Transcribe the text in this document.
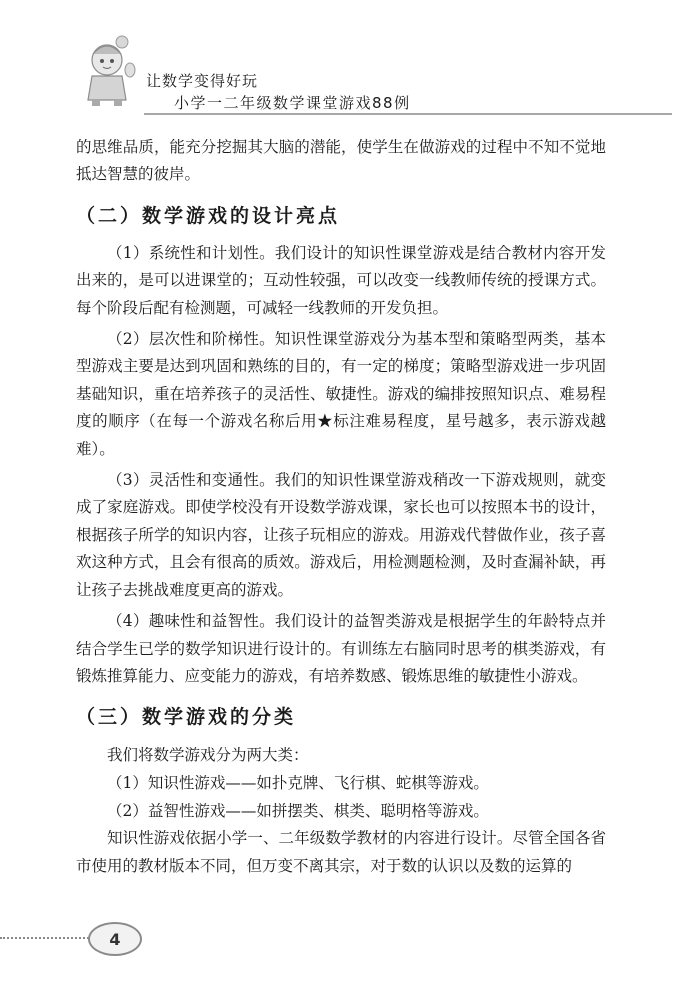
让数学变得好玩
小学一二年级数学课堂游戏88例

的思维品质，能充分挖掘其大脑的潜能，使学生在做游戏的过程中不知不觉地抵达智慧的彼岸。

（二）数学游戏的设计亮点

（1）系统性和计划性。我们设计的知识性课堂游戏是结合教材内容开发出来的，是可以进课堂的；互动性较强，可以改变一线教师传统的授课方式。每个阶段后配有检测题，可减轻一线教师的开发负担。

（2）层次性和阶梯性。知识性课堂游戏分为基本型和策略型两类，基本型游戏主要是达到巩固和熟练的目的，有一定的梯度；策略型游戏进一步巩固基础知识，重在培养孩子的灵活性、敏捷性。游戏的编排按照知识点、难易程度的顺序（在每一个游戏名称后用★标注难易程度，星号越多，表示游戏越难）。

（3）灵活性和变通性。我们的知识性课堂游戏稍改一下游戏规则，就变成了家庭游戏。即使学校没有开设数学游戏课，家长也可以按照本书的设计，根据孩子所学的知识内容，让孩子玩相应的游戏。用游戏代替做作业，孩子喜欢这种方式，且会有很高的质效。游戏后，用检测题检测，及时查漏补缺，再让孩子去挑战难度更高的游戏。

（4）趣味性和益智性。我们设计的益智类游戏是根据学生的年龄特点并结合学生已学的数学知识进行设计的。有训练左右脑同时思考的棋类游戏，有锻炼推算能力、应变能力的游戏，有培养数感、锻炼思维的敏捷性小游戏。

（三）数学游戏的分类

我们将数学游戏分为两大类：

（1）知识性游戏——如扑克牌、飞行棋、蛇棋等游戏。

（2）益智性游戏——如拼摆类、棋类、聪明格等游戏。

知识性游戏依据小学一、二年级数学教材的内容进行设计。尽管全国各省市使用的教材版本不同，但万变不离其宗，对于数的认识以及数的运算的

4
